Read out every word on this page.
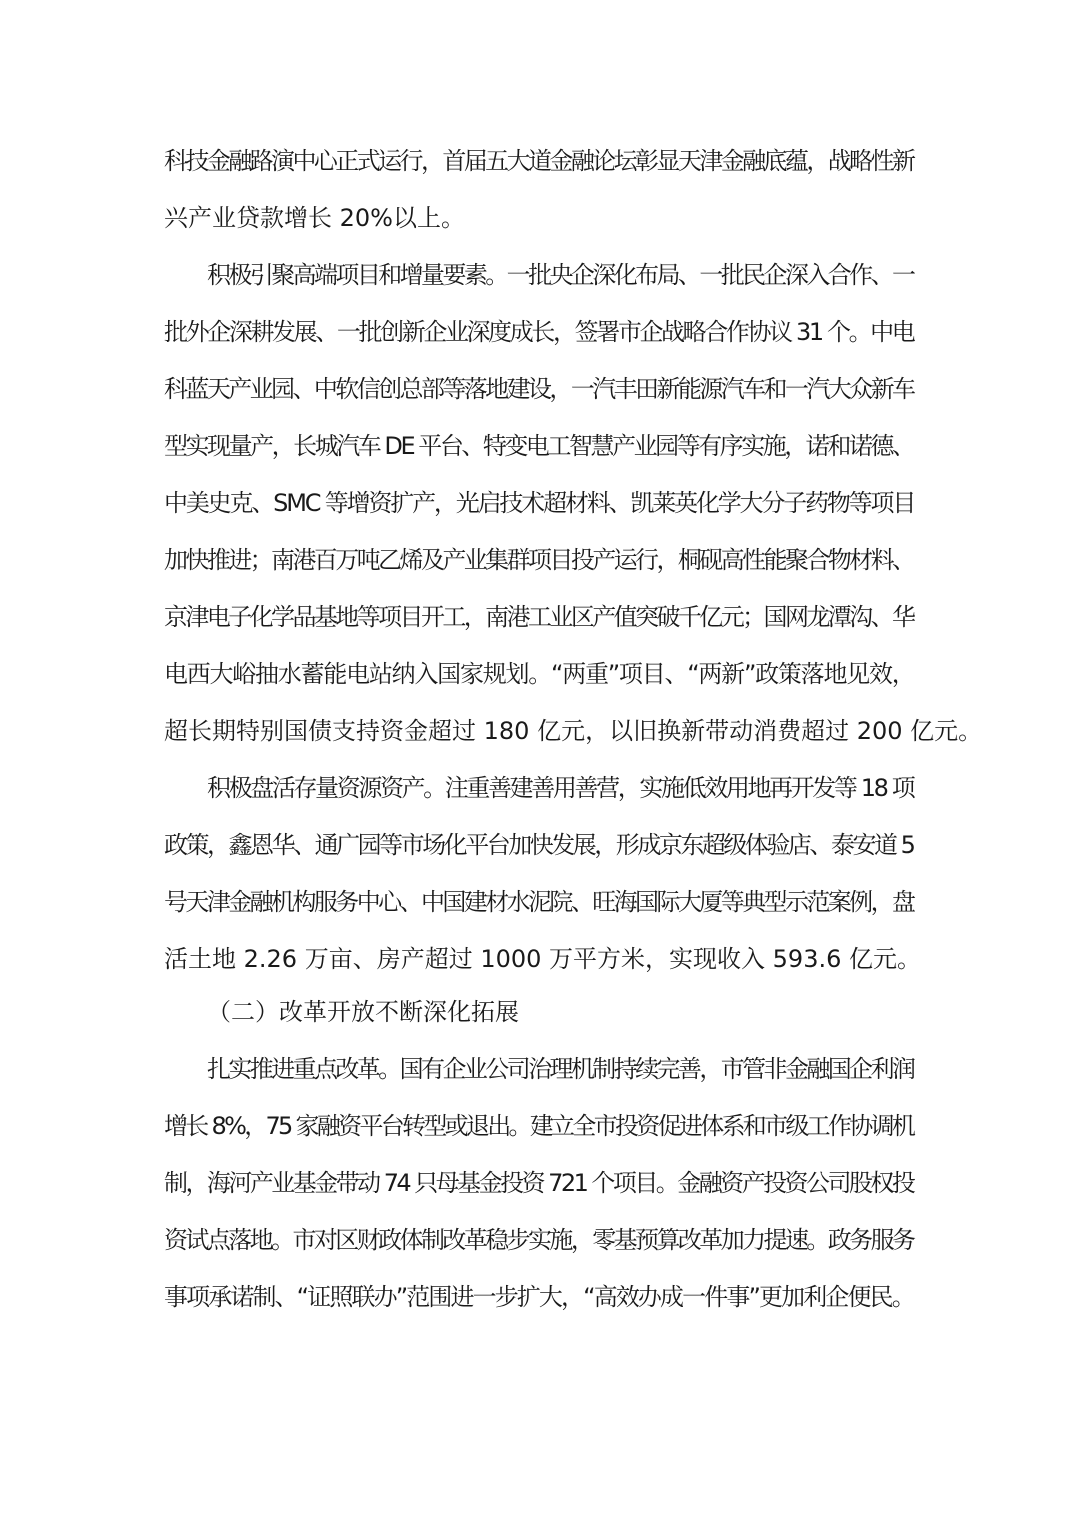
科技金融路演中心正式运行，首届五大道金融论坛彰显天津金融底蕴，战略性新
兴产业贷款增长 20%以上。
积极引聚高端项目和增量要素。一批央企深化布局、一批民企深入合作、一
批外企深耕发展、一批创新企业深度成长，签署市企战略合作协议 31 个。中电
科蓝天产业园、中软信创总部等落地建设，一汽丰田新能源汽车和一汽大众新车
型实现量产，长城汽车 DE 平台、特变电工智慧产业园等有序实施，诺和诺德、
中美史克、SMC 等增资扩产，光启技术超材料、凯莱英化学大分子药物等项目
加快推进；南港百万吨乙烯及产业集群项目投产运行，桐砚高性能聚合物材料、
京津电子化学品基地等项目开工，南港工业区产值突破千亿元；国网龙潭沟、华
电西大峪抽水蓄能电站纳入国家规划。“两重”项目、“两新”政策落地见效，
超长期特别国债支持资金超过 180 亿元，以旧换新带动消费超过 200 亿元。
积极盘活存量资源资产。注重善建善用善营，实施低效用地再开发等 18 项
政策，鑫恩华、通广园等市场化平台加快发展，形成京东超级体验店、泰安道 5
号天津金融机构服务中心、中国建材水泥院、旺海国际大厦等典型示范案例，盘
活土地 2.26 万亩、房产超过 1000 万平方米，实现收入 593.6 亿元。
（二）改革开放不断深化拓展
扎实推进重点改革。国有企业公司治理机制持续完善，市管非金融国企利润
增长 8%，75 家融资平台转型或退出。建立全市投资促进体系和市级工作协调机
制，海河产业基金带动 74 只母基金投资 721 个项目。金融资产投资公司股权投
资试点落地。市对区财政体制改革稳步实施，零基预算改革加力提速。政务服务
事项承诺制、“证照联办”范围进一步扩大，“高效办成一件事”更加利企便民。
